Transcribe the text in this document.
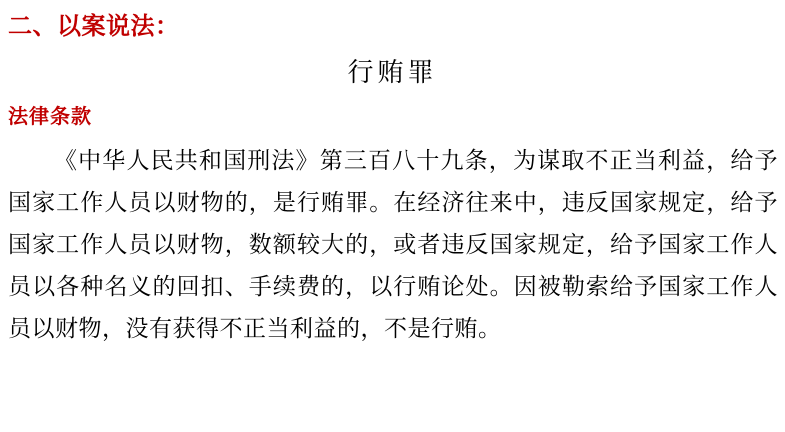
二、以案说法：
行贿罪
法律条款
《中华人民共和国刑法》第三百八十九条，为谋取不正当利益，给予国家工作人员以财物的，是行贿罪。在经济往来中，违反国家规定，给予国家工作人员以财物，数额较大的，或者违反国家规定，给予国家工作人员以各种名义的回扣、手续费的，以行贿论处。因被勒索给予国家工作人员以财物，没有获得不正当利益的，不是行贿。
